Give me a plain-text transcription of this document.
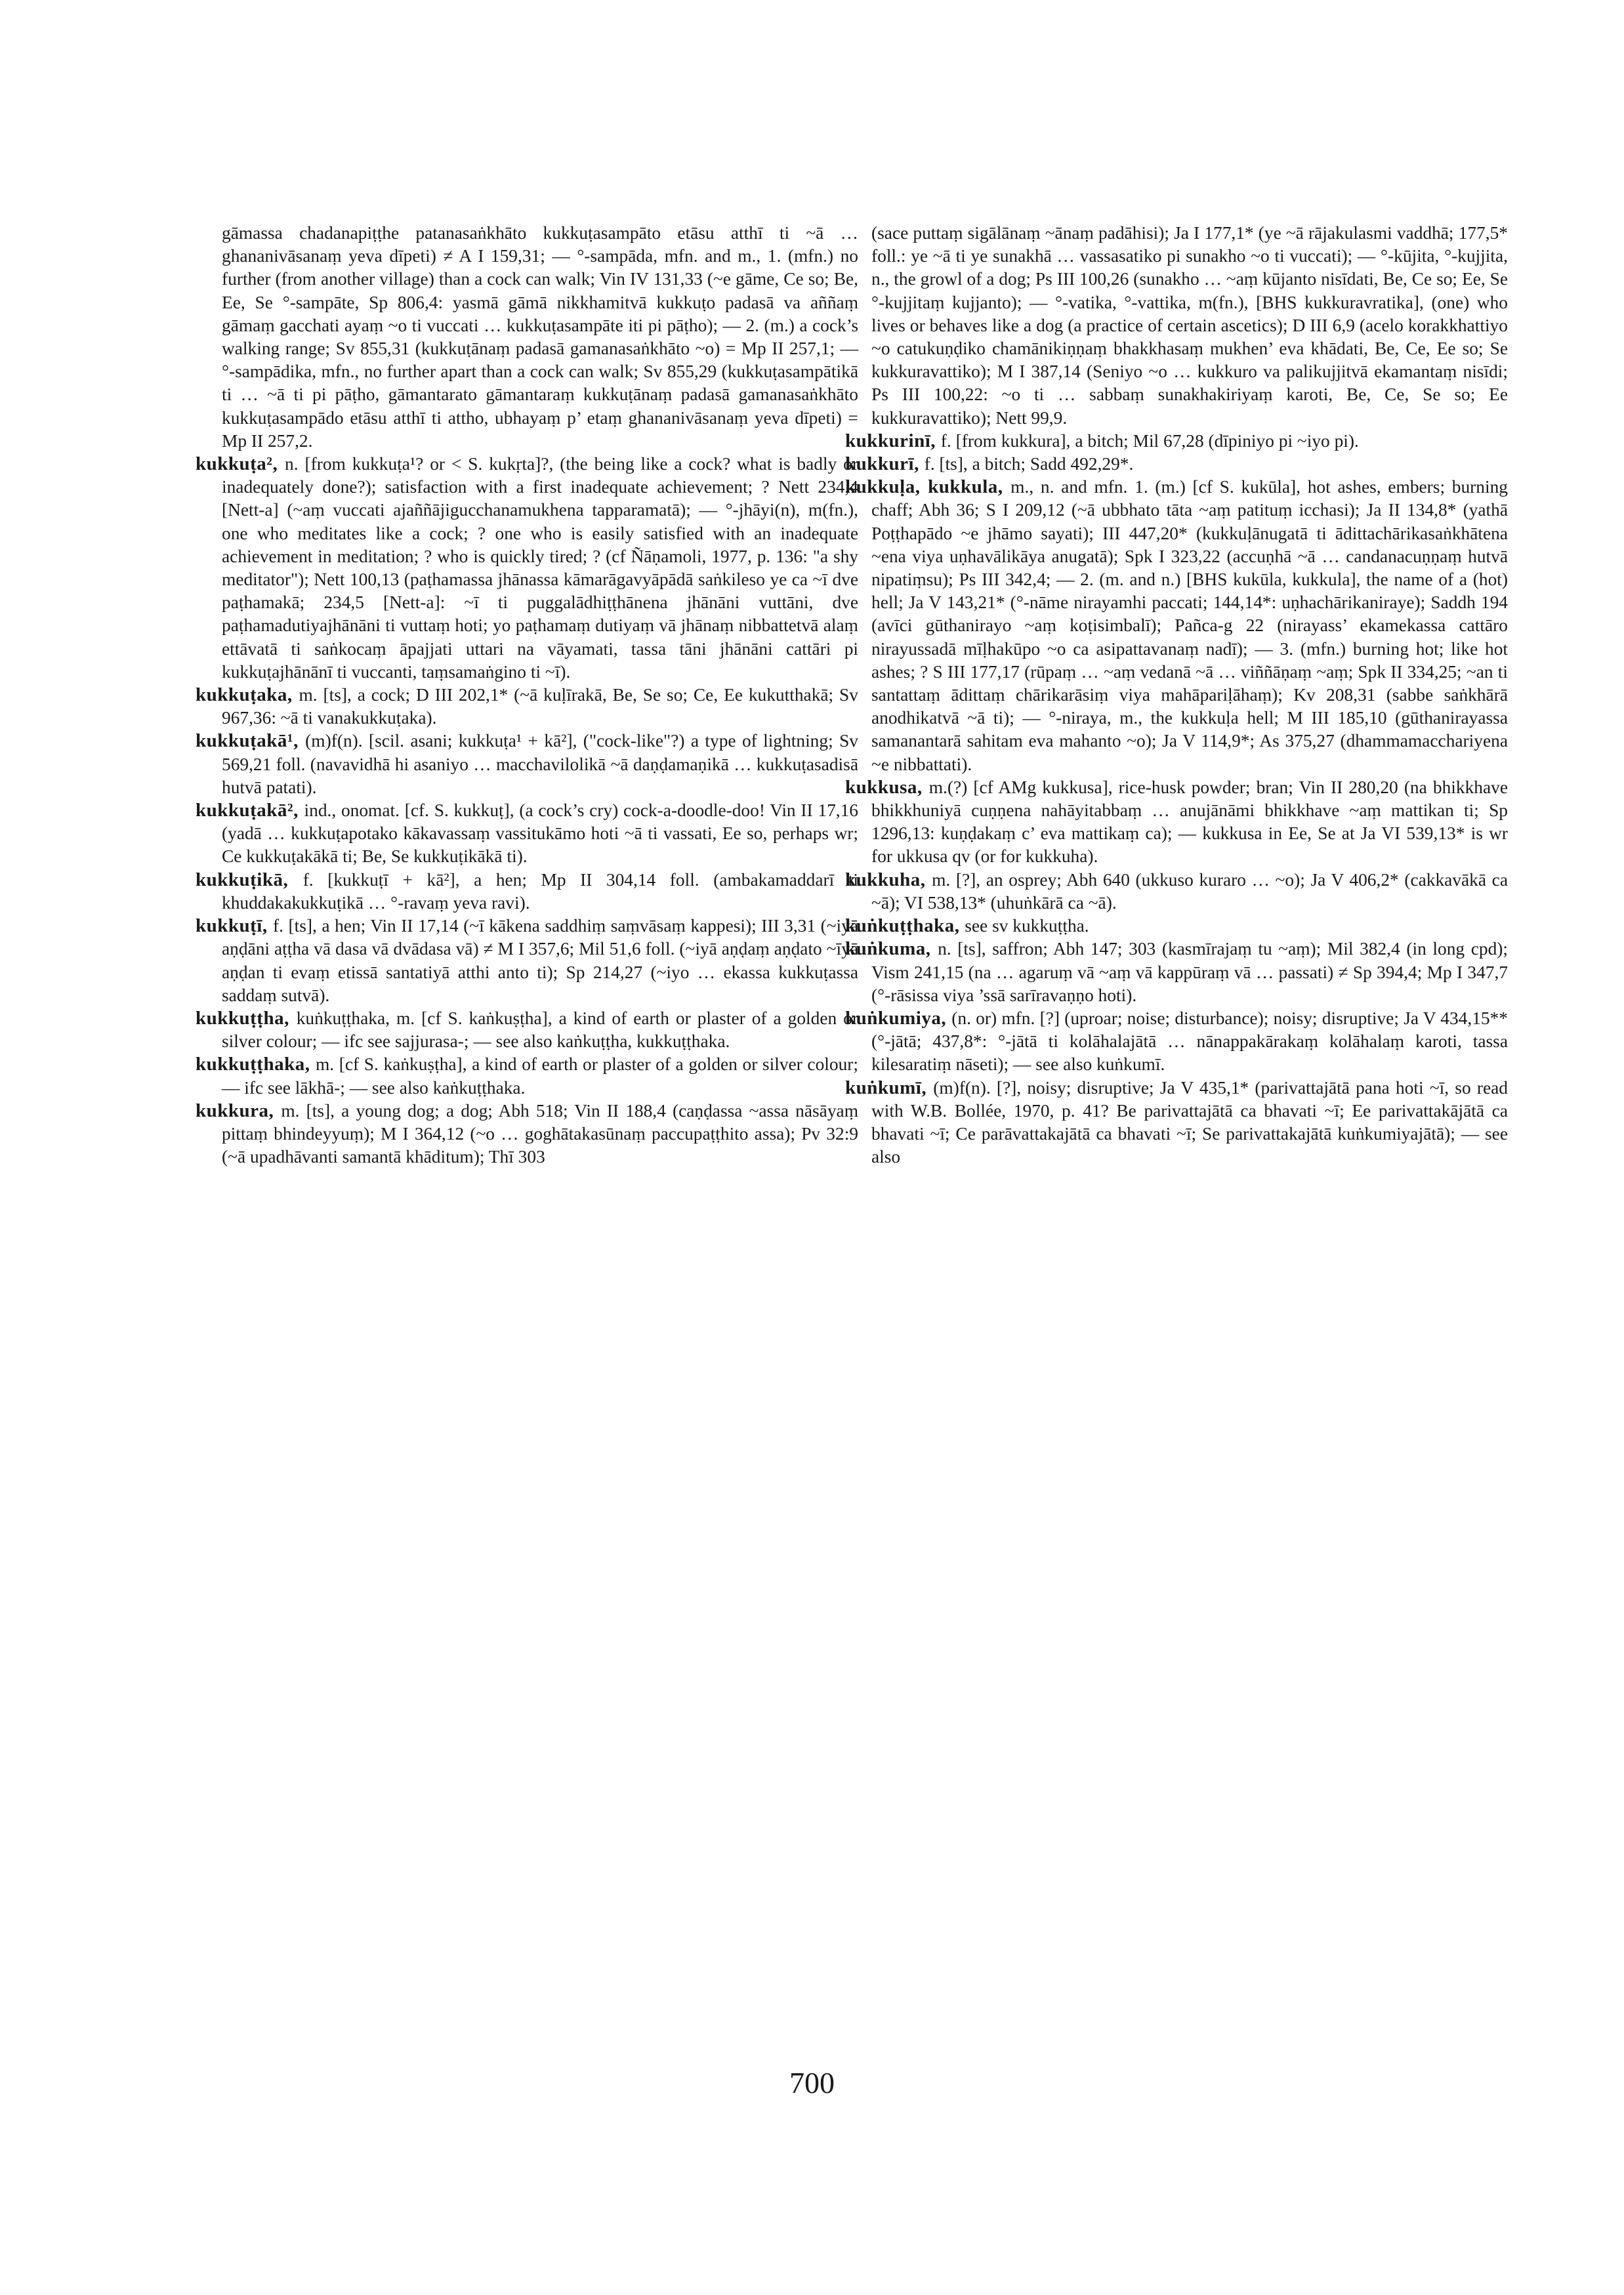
gāmassa chadanapiṭṭhe patanasaṅkhāto kukkuṭasampāto etāsu atthī ti ~ā … ghananivāsanaṃ yeva dīpeti) ≠ A I 159,31; — °-sampāda, mfn. and m., 1. (mfn.) no further (from another village) than a cock can walk; Vin IV 131,33 (~e gāme, Ce so; Be, Ee, Se °-sampāte, Sp 806,4: yasmā gāmā nikkhamitvā kukkuṭo padasā va aññaṃ gāmaṃ gacchati ayaṃ ~o ti vuccati … kukkuṭasampāte iti pi pāṭho); — 2. (m.) a cock’s walking range; Sv 855,31 (kukkuṭānaṃ padasā gamanasaṅkhāto ~o) = Mp II 257,1; — °-sampādika, mfn., no further apart than a cock can walk; Sv 855,29 (kukkuṭasampātikā ti … ~ā ti pi pāṭho, gāmantarato gāmantaraṃ kukkuṭānaṃ padasā gamanasaṅkhāto kukkuṭasampādo etāsu atthī ti attho, ubhayaṃ p’ etaṃ ghananivāsanaṃ yeva dīpeti) = Mp II 257,2.

kukkuṭa², n. [from kukkuṭa¹? or < S. kukṛta]?, (the being like a cock? what is badly or inadequately done?); satisfaction with a first inadequate achievement; ? Nett 234,4 [Nett-a] (~aṃ vuccati ajaññājigucchanamukhena tapparamatā); — °-jhāyi(n), m(fn.), one who meditates like a cock; ? one who is easily satisfied with an inadequate achievement in meditation; ? who is quickly tired; ? (cf Ñāṇamoli, 1977, p. 136: "a shy meditator"); Nett 100,13 (paṭhamassa jhānassa kāmarāgavyāpādā saṅkileso ye ca ~ī dve paṭhamakā; 234,5 [Nett-a]: ~ī ti puggalādhiṭṭhānena jhānāni vuttāni, dve paṭhamadutiyajhānāni ti vuttaṃ hoti; yo paṭhamaṃ dutiyaṃ vā jhānaṃ nibbattetvā alaṃ ettāvatā ti saṅkocaṃ āpajjati uttari na vāyamati, tassa tāni jhānāni cattāri pi kukkuṭajhānānī ti vuccanti, taṃsamaṅgino ti ~ī).

kukkuṭaka, m. [ts], a cock; D III 202,1* (~ā kuḷīrakā, Be, Se so; Ce, Ee kukutthakā; Sv 967,36: ~ā ti vanakukkuṭaka).

kukkuṭakā¹, (m)f(n). [scil. asani; kukkuṭa¹ + kā²], ("cock-like"?) a type of lightning; Sv 569,21 foll. (navavidhā hi asaniyo … macchavilolikā ~ā daṇḍamaṇikā … kukkuṭasadisā hutvā patati).

kukkuṭakā², ind., onomat. [cf. S. kukkuṭ], (a cock’s cry) cock-a-doodle-doo! Vin II 17,16 (yadā … kukkuṭapotako kākavassaṃ vassitukāmo hoti ~ā ti vassati, Ee so, perhaps wr; Ce kukkuṭakākā ti; Be, Se kukkuṭikākā ti).

kukkuṭikā, f. [kukkuṭī + kā²], a hen; Mp II 304,14 foll. (ambakamaddarī ti khuddakakukkuṭikā … °-ravaṃ yeva ravi).

kukkuṭī, f. [ts], a hen; Vin II 17,14 (~ī kākena saddhiṃ saṃvāsaṃ kappesi); III 3,31 (~iyā aṇḍāni aṭṭha vā dasa vā dvādasa vā) ≠ M I 357,6; Mil 51,6 foll. (~iyā aṇḍaṃ aṇḍato ~īyā aṇḍan ti evaṃ etissā santatiyā atthi anto ti); Sp 214,27 (~iyo … ekassa kukkuṭassa saddaṃ sutvā).

kukkuṭṭha, kuṅkuṭṭhaka, m. [cf S. kaṅkuṣṭha], a kind of earth or plaster of a golden or silver colour; — ifc see sajjurasa-; — see also kaṅkuṭṭha, kukkuṭṭhaka.

kukkuṭṭhaka, m. [cf S. kaṅkuṣṭha], a kind of earth or plaster of a golden or silver colour; — ifc see lākhā-; — see also kaṅkuṭṭhaka.

kukkura, m. [ts], a young dog; a dog; Abh 518; Vin II 188,4 (caṇḍassa ~assa nāsāyaṃ pittaṃ bhindeyyuṃ); M I 364,12 (~o … goghātakasūnaṃ paccupaṭṭhito assa); Pv 32:9 (~ā upadhāvanti samantā khāditum); Thī 303

(sace puttaṃ sigālānaṃ ~ānaṃ padāhisi); Ja I 177,1* (ye ~ā rājakulasmi vaddhā; 177,5* foll.: ye ~ā ti ye sunakhā … vassasatiko pi sunakho ~o ti vuccati); — °-kūjita, °-kujjita, n., the growl of a dog; Ps III 100,26 (sunakho … ~aṃ kūjanto nisīdati, Be, Ce so; Ee, Se °-kujjitaṃ kujjanto); — °-vatika, °-vattika, m(fn.), [BHS kukkuravratika], (one) who lives or behaves like a dog (a practice of certain ascetics); D III 6,9 (acelo korakkhattiyo ~o catukuṇḍiko chamānikiṇṇaṃ bhakkhasaṃ mukhen’ eva khādati, Be, Ce, Ee so; Se kukkuravattiko); M I 387,14 (Seniyo ~o … kukkuro va palikujjitvā ekamantaṃ nisīdi; Ps III 100,22: ~o ti … sabbaṃ sunakhakiriyaṃ karoti, Be, Ce, Se so; Ee kukkuravattiko); Nett 99,9.

kukkurinī, f. [from kukkura], a bitch; Mil 67,28 (dīpiniyo pi ~iyo pi).

kukkurī, f. [ts], a bitch; Sadd 492,29*.

kukkuḷa, kukkula, m., n. and mfn. 1. (m.) [cf S. kukūla], hot ashes, embers; burning chaff; Abh 36; S I 209,12 (~ā ubbhato tāta ~aṃ patituṃ icchasi); Ja II 134,8* (yathā Poṭṭhapādo ~e jhāmo sayati); III 447,20* (kukkuḷānugatā ti ādittachārikasaṅkhātena ~ena viya uṇhavālikāya anugatā); Spk I 323,22 (accuṇhā ~ā … candanacuṇṇaṃ hutvā nipatiṃsu); Ps III 342,4; — 2. (m. and n.) [BHS kukūla, kukkula], the name of a (hot) hell; Ja V 143,21* (°-nāme nirayamhi paccati; 144,14*: uṇhachārikaniraye); Saddh 194 (avīci gūthanirayo ~aṃ koṭisimbalī); Pañca-g 22 (nirayass’ ekamekassa cattāro nirayussadā mīḷhakūpo ~o ca asipattavanaṃ nadī); — 3. (mfn.) burning hot; like hot ashes; ? S III 177,17 (rūpaṃ … ~aṃ vedanā ~ā … viññāṇaṃ ~aṃ; Spk II 334,25; ~an ti santattaṃ ādittaṃ chārikarāsiṃ viya mahāpariḷāhaṃ); Kv 208,31 (sabbe saṅkhārā anodhikatvā ~ā ti); — °-niraya, m., the kukkuḷa hell; M III 185,10 (gūthanirayassa samanantarā sahitam eva mahanto ~o); Ja V 114,9*; As 375,27 (dhammamacchariyena ~e nibbattati).

kukkusa, m.(?) [cf AMg kukkusa], rice-husk powder; bran; Vin II 280,20 (na bhikkhave bhikkhuniyā cuṇṇena nahāyitabbaṃ … anujānāmi bhikkhave ~aṃ mattikan ti; Sp 1296,13: kuṇḍakaṃ c’ eva mattikaṃ ca); — kukkusa in Ee, Se at Ja VI 539,13* is wr for ukkusa qv (or for kukkuha).

kukkuha, m. [?], an osprey; Abh 640 (ukkuso kuraro … ~o); Ja V 406,2* (cakkavākā ca ~ā); VI 538,13* (uhuṅkārā ca ~ā).

kuṅkuṭṭhaka, see sv kukkuṭṭha.

kuṅkuma, n. [ts], saffron; Abh 147; 303 (kasmīrajaṃ tu ~aṃ); Mil 382,4 (in long cpd); Vism 241,15 (na … agaruṃ vā ~aṃ vā kappūraṃ vā … passati) ≠ Sp 394,4; Mp I 347,7 (°-rāsissa viya ’ssā sarīravaṇṇo hoti).

kuṅkumiya, (n. or) mfn. [?] (uproar; noise; disturbance); noisy; disruptive; Ja V 434,15** (°-jātā; 437,8*: °-jātā ti kolāhalajātā … nānappakārakaṃ kolāhalaṃ karoti, tassa kilesaratiṃ nāseti); — see also kuṅkumī.

kuṅkumī, (m)f(n). [?], noisy; disruptive; Ja V 435,1* (parivattajātā pana hoti ~ī, so read with W.B. Bollée, 1970, p. 41? Be parivattajātā ca bhavati ~ī; Ee parivattakājātā ca bhavati ~ī; Ce parāvattakajātā ca bhavati ~ī; Se parivattakajātā kuṅkumiyajātā); — see also

700
